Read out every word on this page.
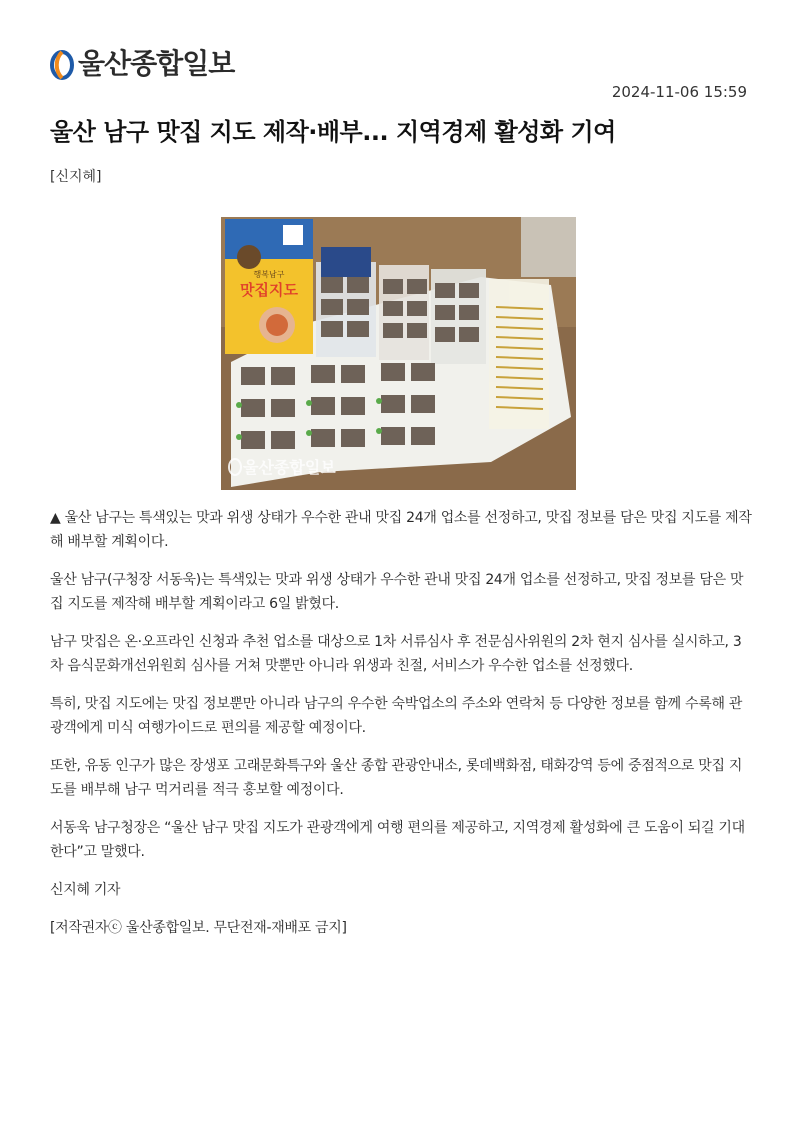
울산종합일보
2024-11-06 15:59
울산 남구 맛집 지도 제작·배부... 지역경제 활성화 기여
[신지혜]
행복남구
맛집지도
울산종합일보

▲ 울산 남구는 특색있는 맛과 위생 상태가 우수한 관내 맛집 24개 업소를 선정하고, 맛집 정보를 담은 맛집 지도를 제작해 배부할 계획이다.

울산 남구(구청장 서동욱)는 특색있는 맛과 위생 상태가 우수한 관내 맛집 24개 업소를 선정하고, 맛집 정보를 담은 맛집 지도를 제작해 배부할 계획이라고 6일 밝혔다.

남구 맛집은 온·오프라인 신청과 추천 업소를 대상으로 1차 서류심사 후 전문심사위원의 2차 현지 심사를 실시하고, 3차 음식문화개선위원회 심사를 거쳐 맛뿐만 아니라 위생과 친절, 서비스가 우수한 업소를 선정했다.

특히, 맛집 지도에는 맛집 정보뿐만 아니라 남구의 우수한 숙박업소의 주소와 연락처 등 다양한 정보를 함께 수록해 관광객에게 미식 여행가이드로 편의를 제공할 예정이다.

또한, 유동 인구가 많은 장생포 고래문화특구와 울산 종합 관광안내소, 롯데백화점, 태화강역 등에 중점적으로 맛집 지도를 배부해 남구 먹거리를 적극 홍보할 예정이다.

서동욱 남구청장은 “울산 남구 맛집 지도가 관광객에게 여행 편의를 제공하고, 지역경제 활성화에 큰 도움이 되길 기대한다”고 말했다.

신지혜 기자

[저작권자ⓒ 울산종합일보. 무단전재-재배포 금지]
